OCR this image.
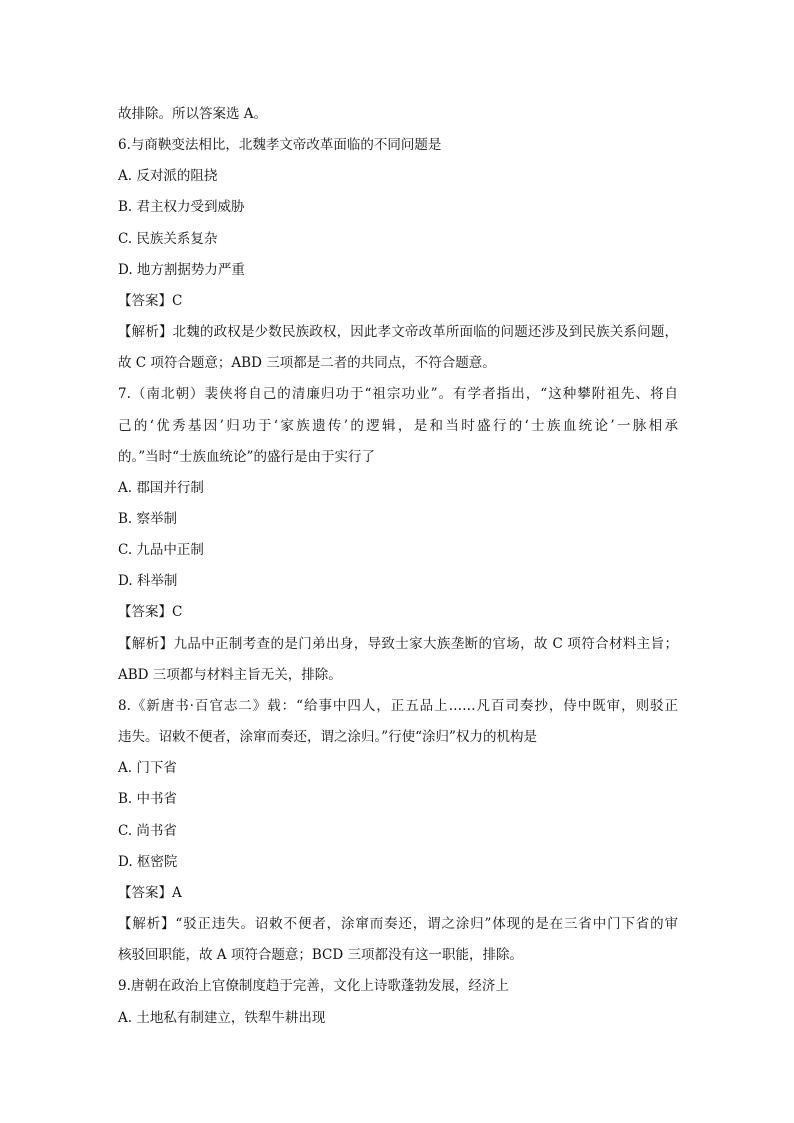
故排除。所以答案选 A。
6.与商鞅变法相比，北魏孝文帝改革面临的不同问题是
A. 反对派的阻挠
B. 君主权力受到威胁
C. 民族关系复杂
D. 地方割据势力严重
【答案】C
【解析】北魏的政权是少数民族政权，因此孝文帝改革所面临的问题还涉及到民族关系问题，
故 C 项符合题意；ABD 三项都是二者的共同点，不符合题意。
7.（南北朝）裴侠将自己的清廉归功于“祖宗功业”。有学者指出，“这种攀附祖先、将自
己的‘优秀基因’归功于‘家族遗传’的逻辑，是和当时盛行的‘士族血统论’一脉相承
的。”当时“士族血统论”的盛行是由于实行了
A. 郡国并行制
B. 察举制
C. 九品中正制
D. 科举制
【答案】C
【解析】九品中正制考查的是门弟出身，导致士家大族垄断的官场，故 C 项符合材料主旨；
ABD 三项都与材料主旨无关，排除。
8.《新唐书·百官志二》载：“给事中四人，正五品上……凡百司奏抄，侍中既审，则驳正
违失。诏敕不便者，涂窜而奏还，谓之涂归。”行使“涂归”权力的机构是
A. 门下省
B. 中书省
C. 尚书省
D. 枢密院
【答案】A
【解析】“驳正违失。诏敕不便者，涂窜而奏还，谓之涂归”体现的是在三省中门下省的审
核驳回职能，故 A 项符合题意；BCD 三项都没有这一职能，排除。
9.唐朝在政治上官僚制度趋于完善，文化上诗歌蓬勃发展，经济上
A. 土地私有制建立，铁犁牛耕出现
